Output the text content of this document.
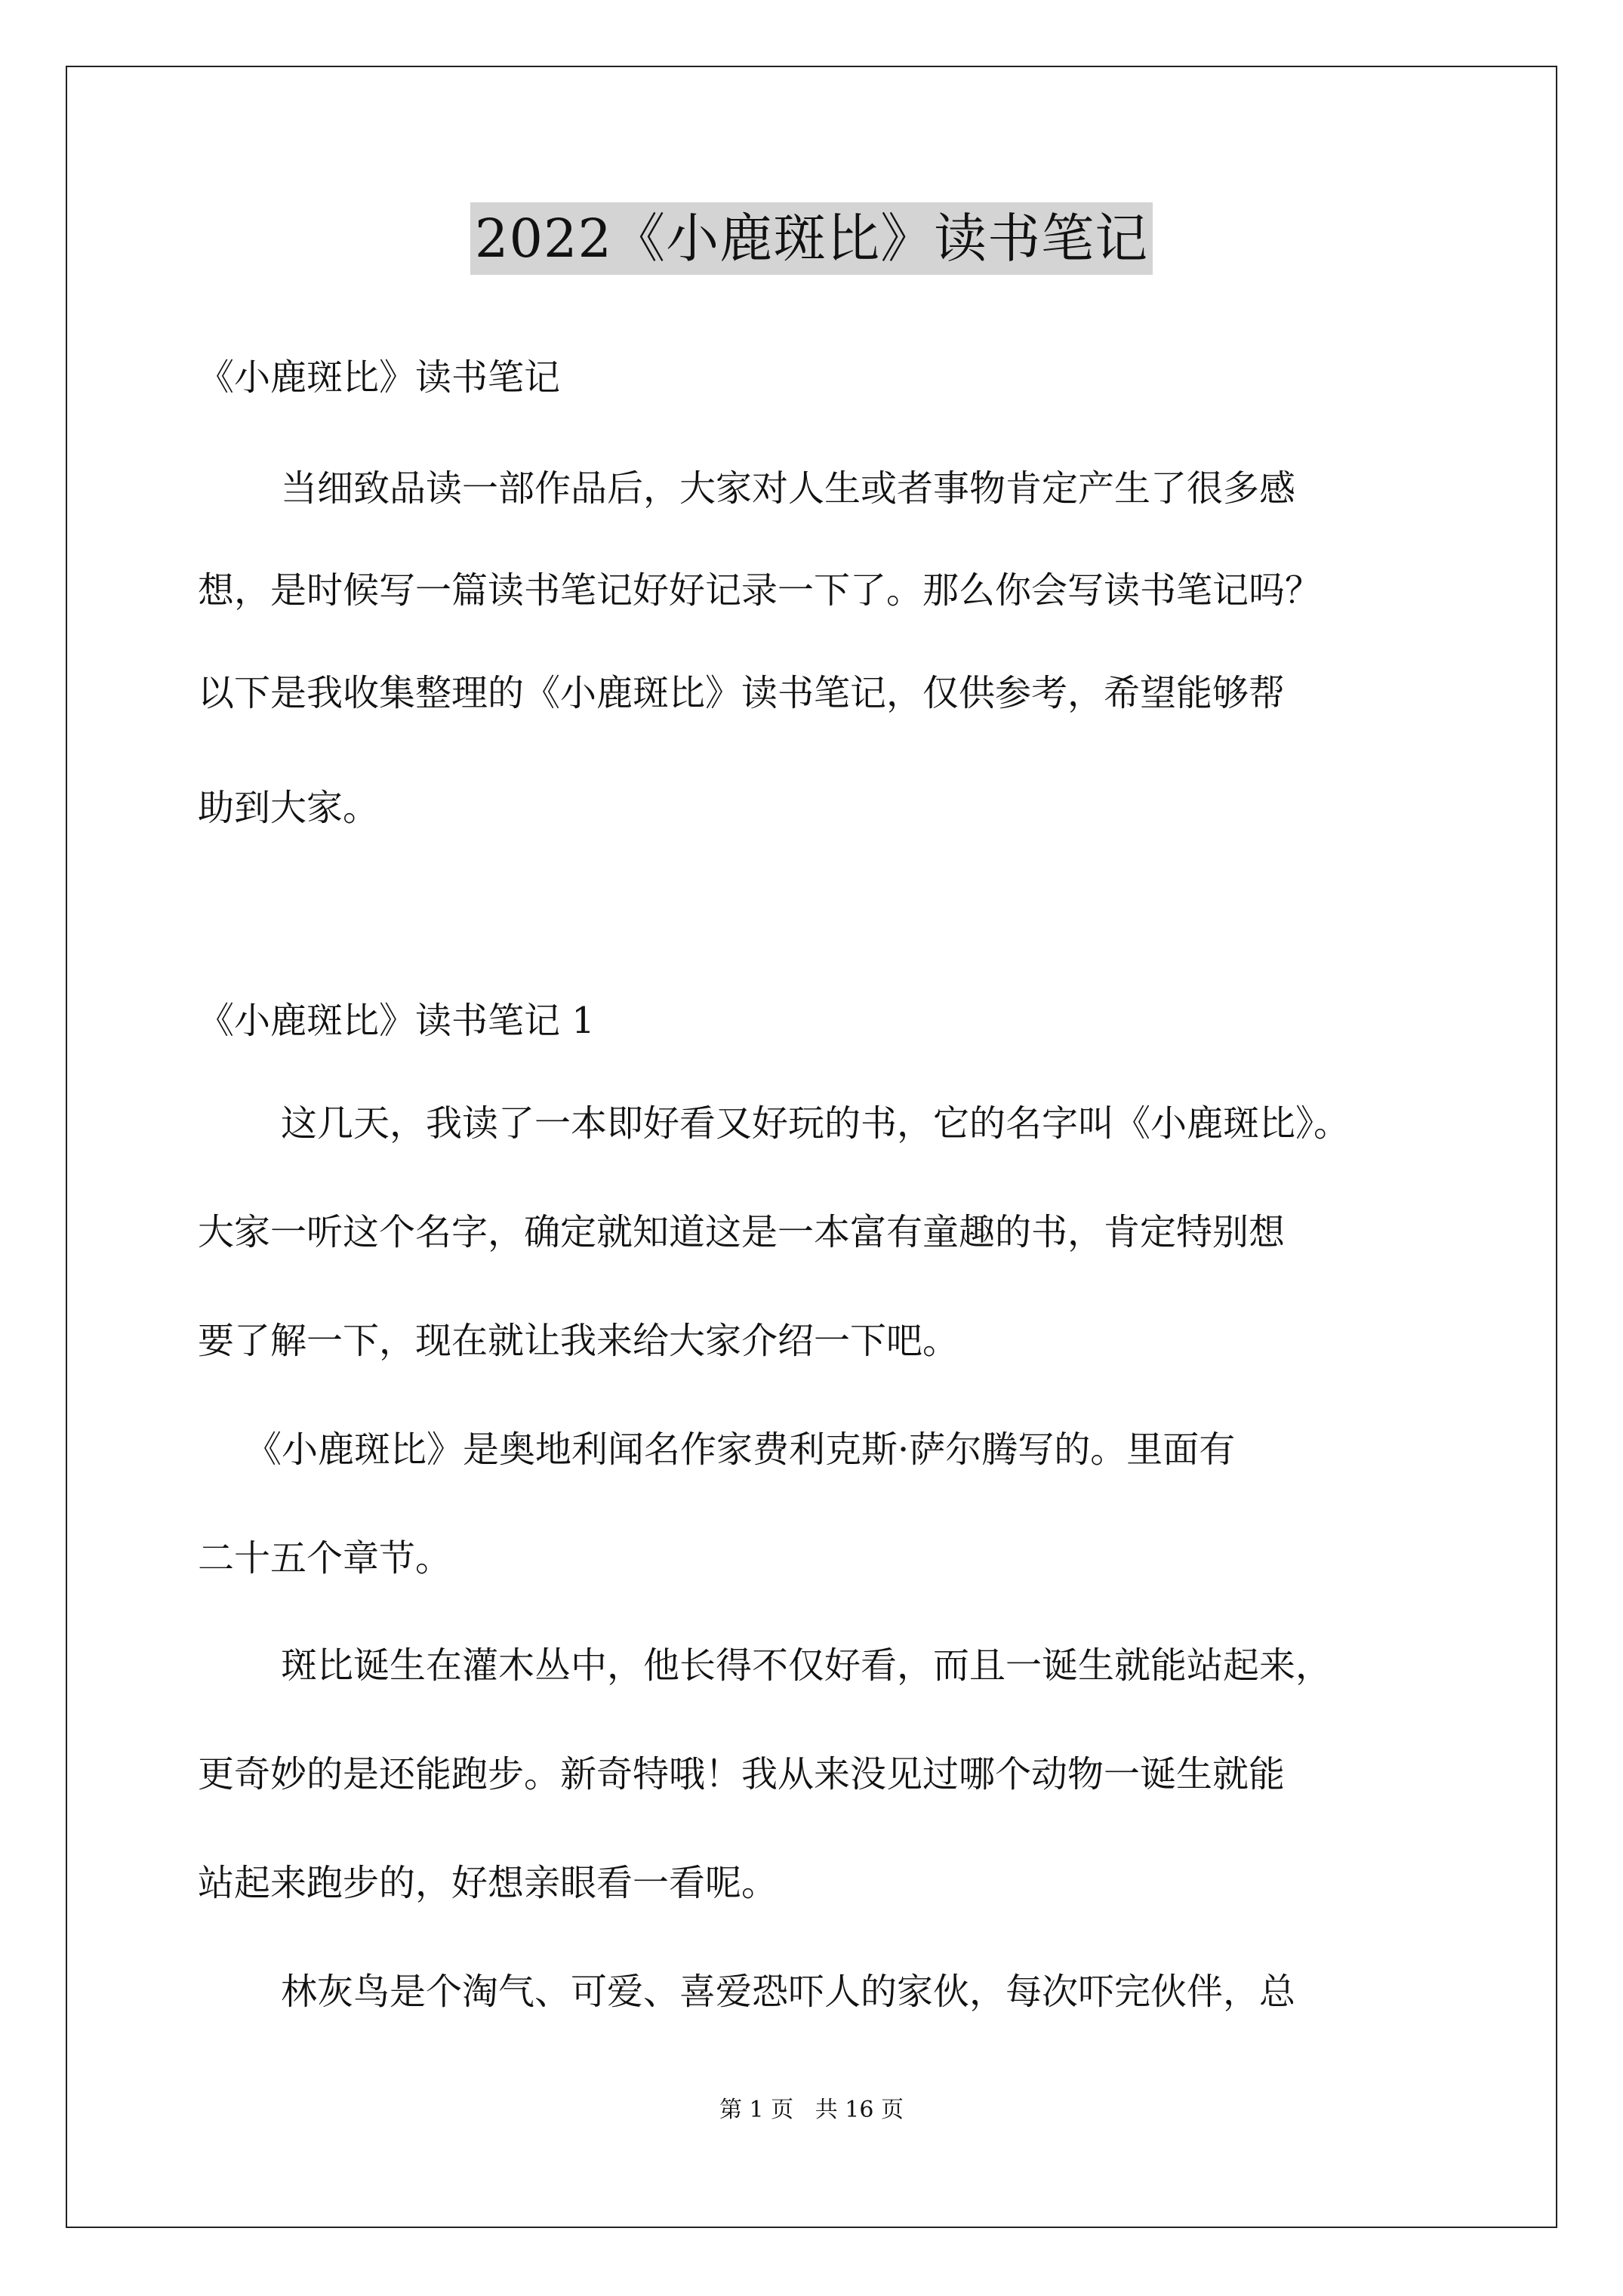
2022《小鹿斑比》读书笔记

《小鹿斑比》读书笔记

当细致品读一部作品后，大家对人生或者事物肯定产生了很多感

想，是时候写一篇读书笔记好好记录一下了。那么你会写读书笔记吗？

以下是我收集整理的《小鹿斑比》读书笔记，仅供参考，希望能够帮

助到大家。

《小鹿斑比》读书笔记 1

这几天，我读了一本即好看又好玩的书，它的名字叫《小鹿斑比》。

大家一听这个名字，确定就知道这是一本富有童趣的书，肯定特别想

要了解一下，现在就让我来给大家介绍一下吧。

《小鹿斑比》是奥地利闻名作家费利克斯·萨尔腾写的。里面有

二十五个章节。

斑比诞生在灌木丛中，他长得不仅好看，而且一诞生就能站起来，

更奇妙的是还能跑步。新奇特哦！我从来没见过哪个动物一诞生就能

站起来跑步的，好想亲眼看一看呢。

林灰鸟是个淘气、可爱、喜爱恐吓人的家伙，每次吓完伙伴，总

第 1 页   共 16 页
